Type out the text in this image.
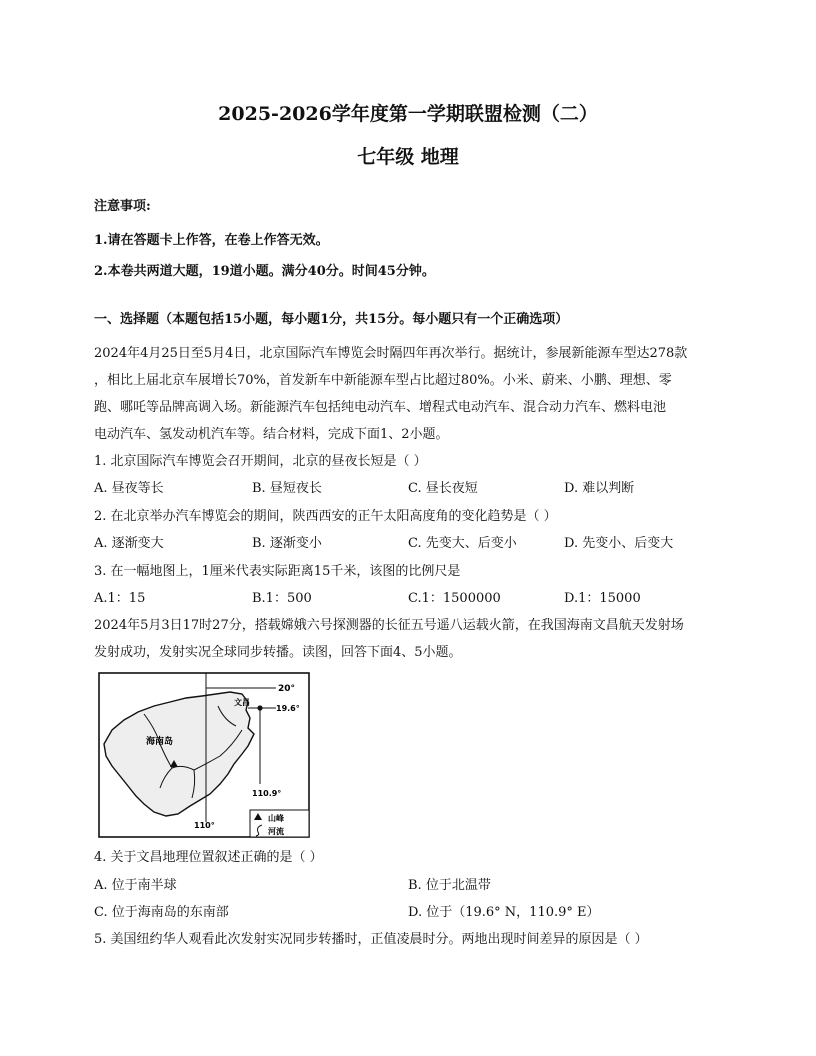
2025-2026学年度第一学期联盟检测（二）
七年级 地理
注意事项:
1.请在答题卡上作答，在卷上作答无效。
2.本卷共两道大题，19道小题。满分40分。时间45分钟。
一、选择题（本题包括15小题，每小题1分，共15分。每小题只有一个正确选项）
2024年4月25日至5月4日，北京国际汽车博览会时隔四年再次举行。据统计，参展新能源车型达278款
，相比上届北京车展增长70%，首发新车中新能源车型占比超过80%。小米、蔚来、小鹏、理想、零
跑、哪吒等品牌高调入场。新能源汽车包括纯电动汽车、增程式电动汽车、混合动力汽车、燃料电池
电动汽车、氢发动机汽车等。结合材料，完成下面1、2小题。
1. 北京国际汽车博览会召开期间，北京的昼夜长短是（ ）
A. 昼夜等长	B. 昼短夜长	C. 昼长夜短	D. 难以判断
2. 在北京举办汽车博览会的期间，陕西西安的正午太阳高度角的变化趋势是（ ）
A. 逐渐变大	B. 逐渐变小	C. 先变大、后变小	D. 先变小、后变大
3. 在一幅地图上，1厘米代表实际距离15千米，该图的比例尺是
A.1：15	B.1：500	C.1：1500000	D.1：15000
2024年5月3日17时27分，搭载嫦娥六号探测器的长征五号遥八运载火箭，在我国海南文昌航天发射场
发射成功，发射实况全球同步转播。读图，回答下面4、5小题。
20°
19.6°
文昌
海南岛
110.9°
110°
山峰
河流
4. 关于文昌地理位置叙述正确的是（ ）
A. 位于南半球	B. 位于北温带
C. 位于海南岛的东南部	D. 位于（19.6° N，110.9° E）
5. 美国纽约华人观看此次发射实况同步转播时，正值凌晨时分。两地出现时间差异的原因是（ ）
